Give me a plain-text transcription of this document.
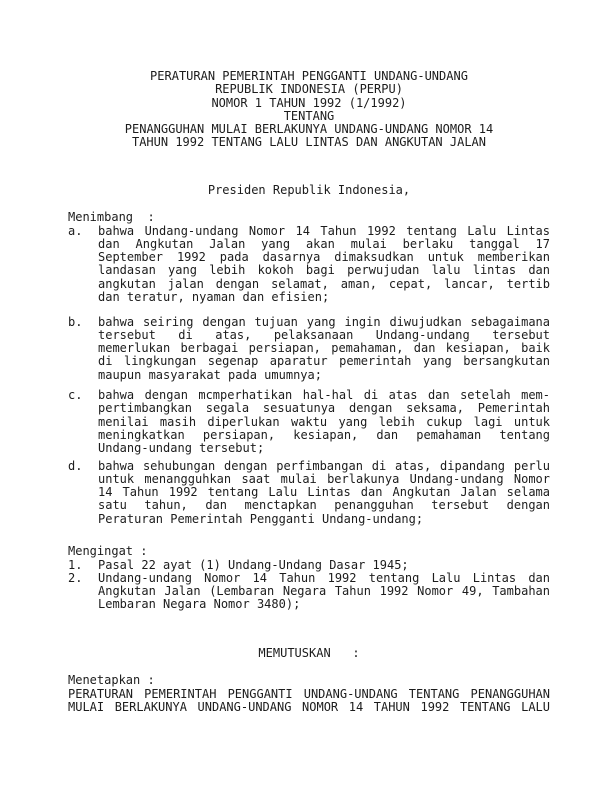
PERATURAN PEMERINTAH PENGGANTI UNDANG-UNDANG
REPUBLIK INDONESIA (PERPU)
NOMOR 1 TAHUN 1992 (1/1992)
TENTANG
PENANGGUHAN MULAI BERLAKUNYA UNDANG-UNDANG NOMOR 14
TAHUN 1992 TENTANG LALU LINTAS DAN ANGKUTAN JALAN
Presiden Republik Indonesia,
Menimbang  :
a. bahwa Undang-undang Nomor 14 Tahun 1992 tentang Lalu Lintas
dan Angkutan Jalan yang akan mulai berlaku tanggal 17
September 1992 pada dasarnya dimaksudkan untuk memberikan
landasan yang lebih kokoh bagi perwujudan lalu lintas dan
angkutan jalan dengan selamat, aman, cepat, lancar, tertib
dan teratur, nyaman dan efisien;
b. bahwa seiring dengan tujuan yang ingin diwujudkan sebagaimana
tersebut di atas, pelaksanaan Undang-undang tersebut
memerlukan berbagai persiapan, pemahaman, dan kesiapan, baik
di lingkungan segenap aparatur pemerintah yang bersangkutan
maupun masyarakat pada umumnya;
c. bahwa dengan mcmperhatikan hal-hal di atas dan setelah mem-
pertimbangkan segala sesuatunya dengan seksama, Pemerintah
menilai masih diperlukan waktu yang lebih cukup lagi untuk
meningkatkan persiapan, kesiapan, dan pemahaman tentang
Undang-undang tersebut;
d. bahwa sehubungan dengan perfimbangan di atas, dipandang perlu
untuk menangguhkan saat mulai berlakunya Undang-undang Nomor
14 Tahun 1992 tentang Lalu Lintas dan Angkutan Jalan selama
satu tahun, dan menctapkan penangguhan tersebut dengan
Peraturan Pemerintah Pengganti Undang-undang;
Mengingat :
1. Pasal 22 ayat (1) Undang-Undang Dasar 1945;
2. Undang-undang Nomor 14 Tahun 1992 tentang Lalu Lintas dan
Angkutan Jalan (Lembaran Negara Tahun 1992 Nomor 49, Tambahan
Lembaran Negara Nomor 3480);
MEMUTUSKAN   :
Menetapkan :
PERATURAN PEMERINTAH PENGGANTI UNDANG-UNDANG TENTANG PENANGGUHAN
MULAI BERLAKUNYA UNDANG-UNDANG NOMOR 14 TAHUN 1992 TENTANG LALU
